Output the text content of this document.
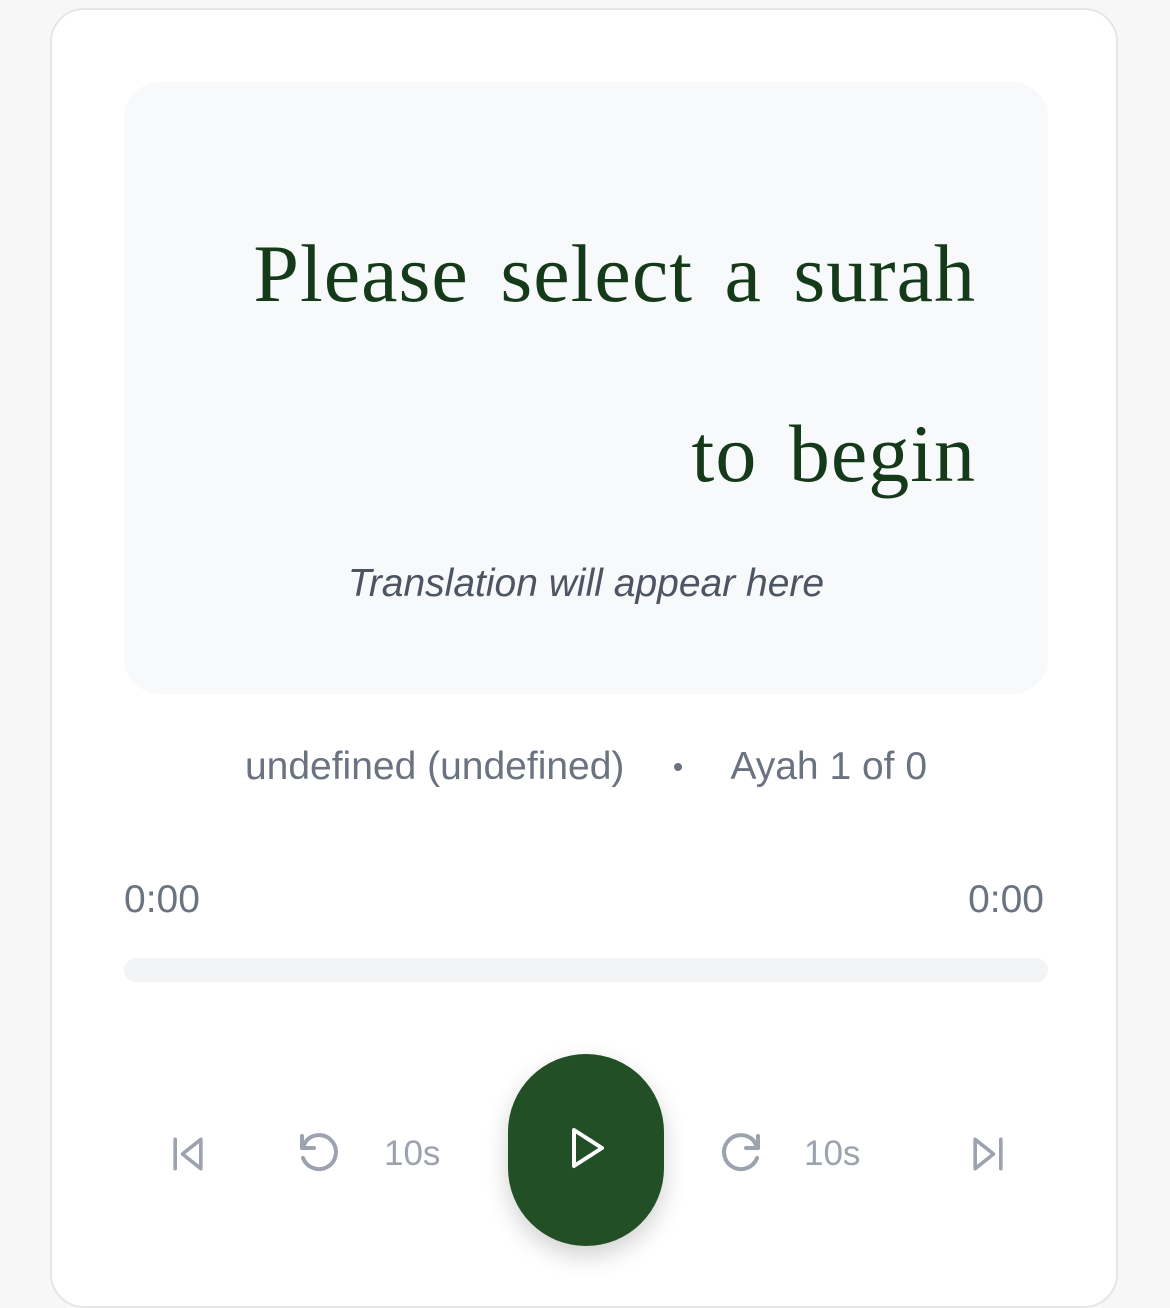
Please select a surah to begin
Translation will appear here
undefined (undefined)	Ayah 1 of 0
0:00	0:00
10s	10s
